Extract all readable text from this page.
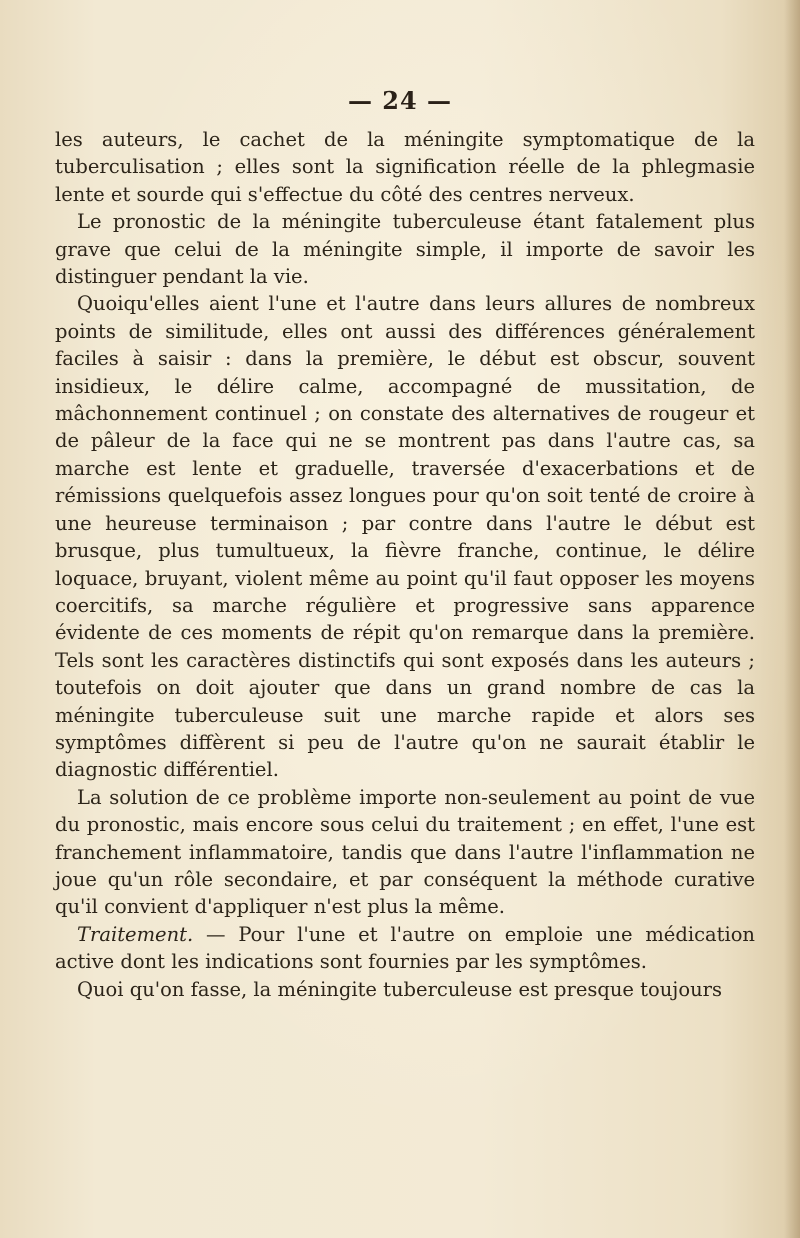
— 24 —

les auteurs, le cachet de la méningite symptomatique de la tuberculisation ; elles sont la signification réelle de la phlegmasie lente et sourde qui s'effectue du côté des centres nerveux.

Le pronostic de la méningite tuberculeuse étant fatalement plus grave que celui de la méningite simple, il importe de savoir les distinguer pendant la vie.

Quoiqu'elles aient l'une et l'autre dans leurs allures de nombreux points de similitude, elles ont aussi des différences généralement faciles à saisir : dans la première, le début est obscur, souvent insidieux, le délire calme, accompagné de mussitation, de mâchonnement continuel ; on constate des alternatives de rougeur et de pâleur de la face qui ne se montrent pas dans l'autre cas, sa marche est lente et graduelle, traversée d'exacerbations et de rémissions quelquefois assez longues pour qu'on soit tenté de croire à une heureuse terminaison ; par contre dans l'autre le début est brusque, plus tumultueux, la fièvre franche, continue, le délire loquace, bruyant, violent même au point qu'il faut opposer les moyens coercitifs, sa marche régulière et progressive sans apparence évidente de ces moments de répit qu'on remarque dans la première. Tels sont les caractères distinctifs qui sont exposés dans les auteurs ; toutefois on doit ajouter que dans un grand nombre de cas la méningite tuberculeuse suit une marche rapide et alors ses symptômes diffèrent si peu de l'autre qu'on ne saurait établir le diagnostic différentiel.

La solution de ce problème importe non-seulement au point de vue du pronostic, mais encore sous celui du traitement ; en effet, l'une est franchement inflammatoire, tandis que dans l'autre l'inflammation ne joue qu'un rôle secondaire, et par conséquent la méthode curative qu'il convient d'appliquer n'est plus la même.

Traitement. — Pour l'une et l'autre on emploie une médication active dont les indications sont fournies par les symptômes.

Quoi qu'on fasse, la méningite tuberculeuse est presque toujours
